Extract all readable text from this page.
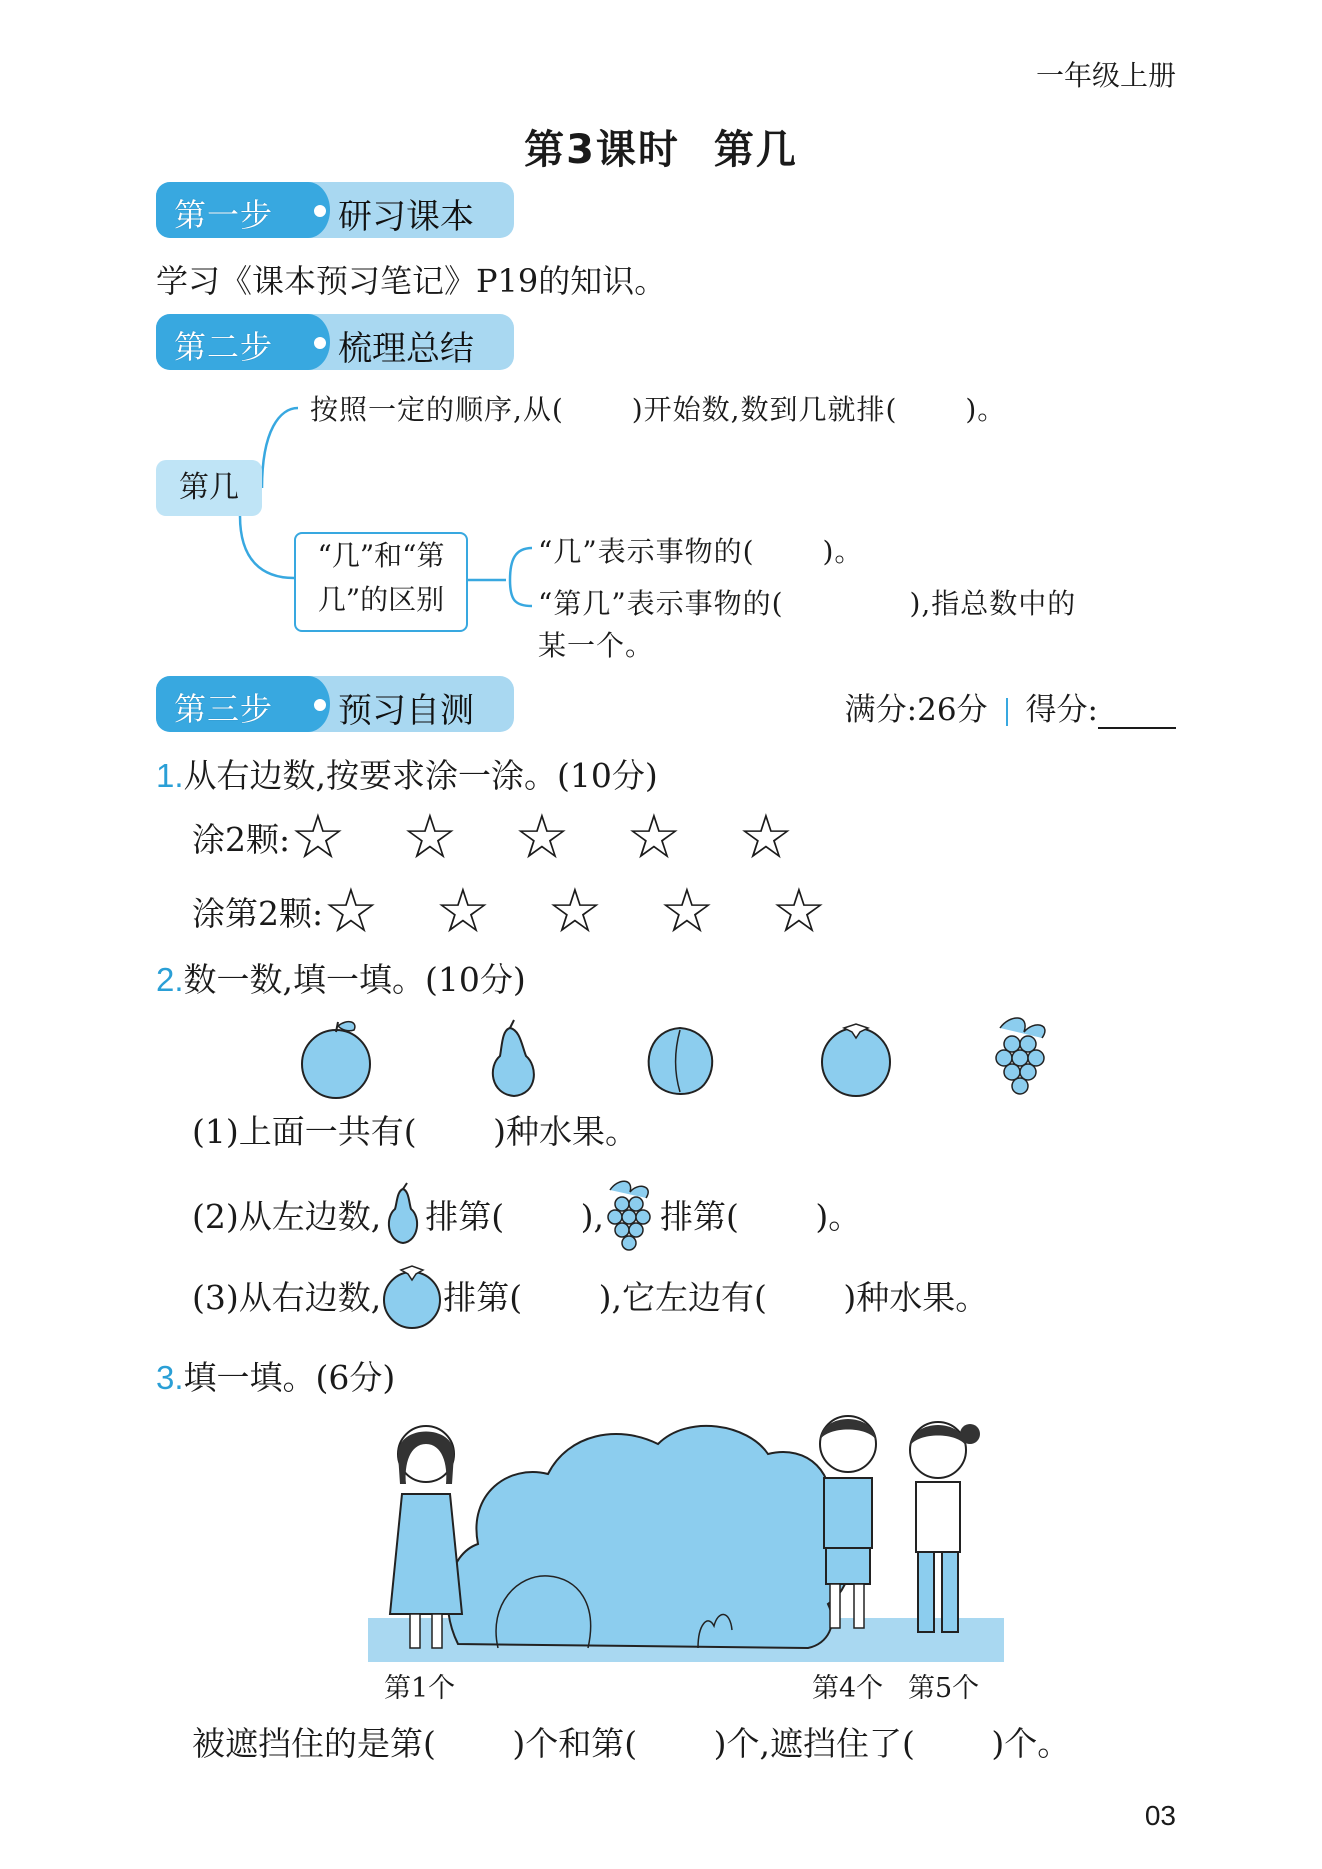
一年级上册
第3课时 第几
第一步 研习课本
学习《课本预习笔记》P19的知识。
第二步 梳理总结
按照一定的顺序,从(　　 )开始数,数到几就排(　　 )。
第几
“几”和“第
几”的区别
“几”表示事物的(　　 )。
“第几”表示事物的(　　　　 ),指总数中的
某一个。
第三步 预习自测	满分:26分 得分:
1.从右边数,按要求涂一涂。(10分)
涂2颗: ☆ ☆ ☆ ☆ ☆
涂第2颗: ☆ ☆ ☆ ☆ ☆
2.数一数,填一填。(10分)
(1)上面一共有(　　 )种水果。
(2)从左边数, 排第(　　 ), 排第(　　 )。
(3)从右边数, 排第(　　 ),它左边有(　　 )种水果。
3.填一填。(6分)
第1个	第4个 第5个
被遮挡住的是第(　　 )个和第(　　 )个,遮挡住了(　　 )个。
03
